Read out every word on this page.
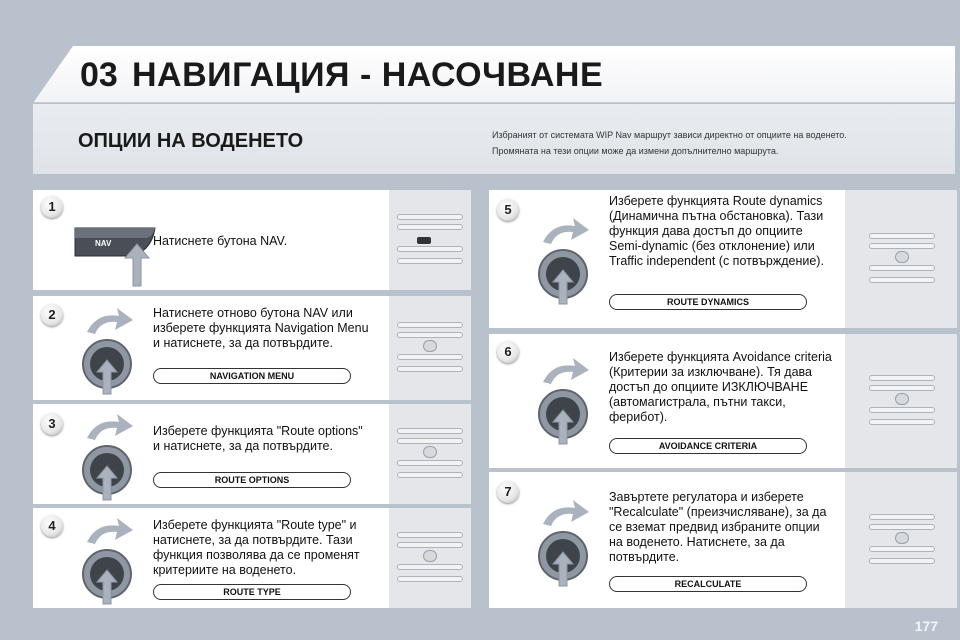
03 НАВИГАЦИЯ - НАСОЧВАНЕ
ОПЦИИ НА ВОДЕНЕТО	Избраният от системата WIP Nav маршрут зависи директно от опциите на воденето.
Промяната на тези опции може да измени допълнително маршрута.
NAV	Натиснете бутона NAV.
1
Натиснете отново бутона NAV или изберете функцията Navigation Menu и натиснете, за да потвърдите.
NAVIGATION MENU
2
Изберете функцията "Route options" и натиснете, за да потвърдите.
ROUTE OPTIONS
3
Изберете функцията "Route type" и натиснете, за да потвърдите. Тази функция позволява да се променят критериите на воденето.
ROUTE TYPE
4
Изберете функцията Route dynamics (Динамична пътна обстановка). Тази функция дава достъп до опциите Semi-dynamic (без отклонение) или Traffic independent (с потвърждение).
ROUTE DYNAMICS
5
Изберете функцията Avoidance criteria (Критерии за изключване). Тя дава достъп до опциите ИЗКЛЮЧВАНЕ (автомагистрала, пътни такси, ферибот).
AVOIDANCE CRITERIA
6
Завъртете регулатора и изберете "Recalculate" (преизчисляване), за да се вземат предвид избраните опции на воденето. Натиснете, за да потвърдите.
RECALCULATE
7
177
